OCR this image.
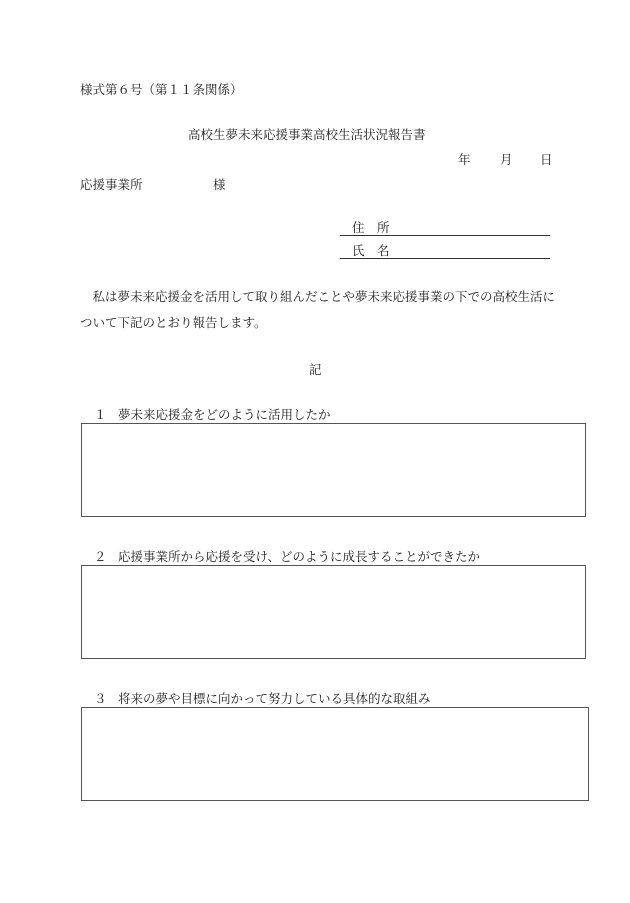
様式第６号（第１１条関係）
高校生夢未来応援事業高校生活状況報告書
年 月 日
応援事業所	様
住　所
氏　名
　私は夢未来応援金を活用して取り組んだことや夢未来応援事業の下での高校生活について下記のとおり報告します。
記
１ 夢未来応援金をどのように活用したか
２ 応援事業所から応援を受け、どのように成長することができたか
３ 将来の夢や目標に向かって努力している具体的な取組み
